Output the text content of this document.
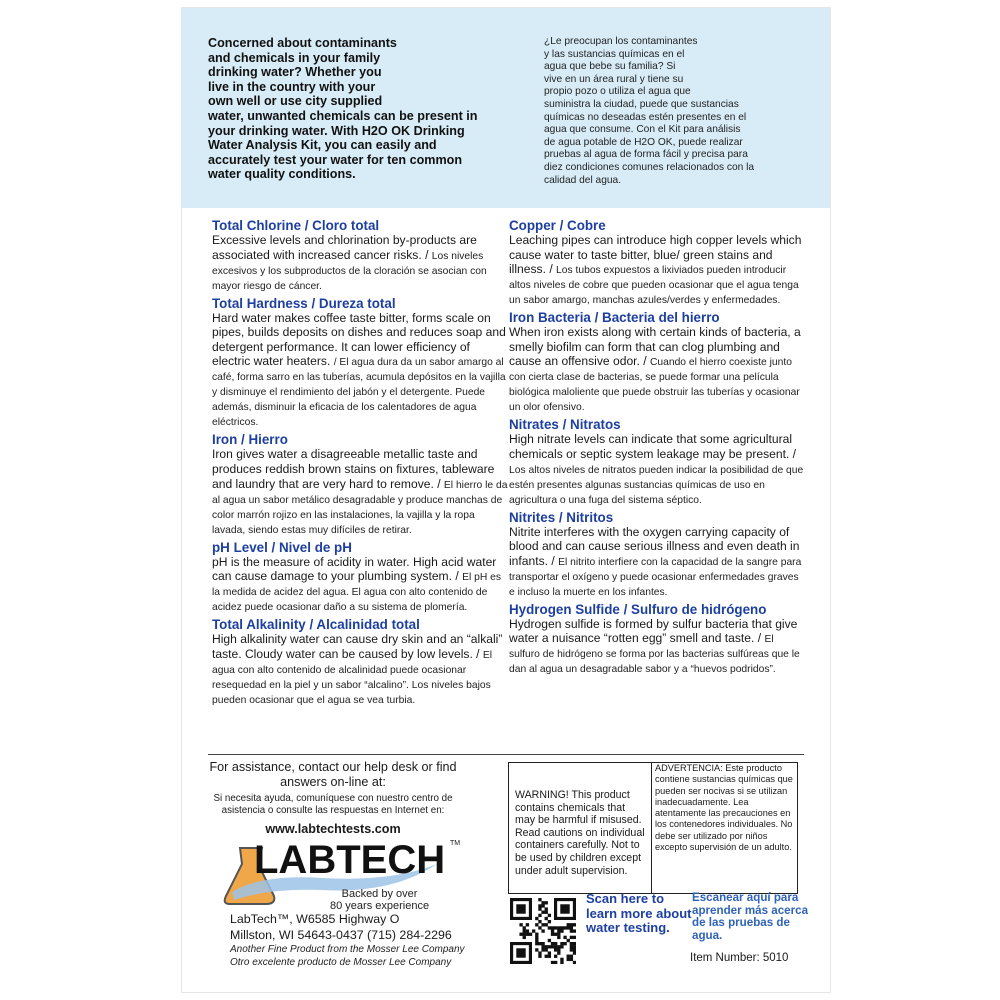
Concerned about contaminants
and chemicals in your family
drinking water? Whether you
live in the country with your
own well or use city supplied
water, unwanted chemicals can be present in
your drinking water. With H2O OK Drinking
Water Analysis Kit, you can easily and
accurately test your water for ten common
water quality conditions.
¿Le preocupan los contaminantes
y las sustancias químicas en el
agua que bebe su familia? Si
vive en un área rural y tiene su
propio pozo o utiliza el agua que
suministra la ciudad, puede que sustancias
químicas no deseadas estén presentes en el
agua que consume. Con el Kit para análisis
de agua potable de H2O OK, puede realizar
pruebas al agua de forma fácil y precisa para
diez condiciones comunes relacionados con la
calidad del agua.
Total Chlorine / Cloro total

Excessive levels and chlorination by-products are associated with increased cancer risks. / Los niveles excesivos y los subproductos de la cloración se asocian con mayor riesgo de cáncer.

Total Hardness / Dureza total

Hard water makes coffee taste bitter, forms scale on pipes, builds deposits on dishes and reduces soap and detergent performance. It can lower efficiency of electric water heaters. / El agua dura da un sabor amargo al café, forma sarro en las tuberías, acumula depósitos en la vajilla y disminuye el rendimiento del jabón y el detergente. Puede además, disminuir la eficacia de los calentadores de agua eléctricos.

Iron / Hierro

Iron gives water a disagreeable metallic taste and produces reddish brown stains on fixtures, tableware and laundry that are very hard to remove. / El hierro le da al agua un sabor metálico desagradable y produce manchas de color marrón rojizo en las instalaciones, la vajilla y la ropa lavada, siendo estas muy difíciles de retirar.

pH Level / Nivel de pH

pH is the measure of acidity in water. High acid water can cause damage to your plumbing system. / El pH es la medida de acidez del agua. El agua con alto contenido de acidez puede ocasionar daño a su sistema de plomería.

Total Alkalinity / Alcalinidad total

High alkalinity water can cause dry skin and an “alkali” taste. Cloudy water can be caused by low levels. / El agua con alto contenido de alcalinidad puede ocasionar resequedad en la piel y un sabor “alcalino”. Los niveles bajos pueden ocasionar que el agua se vea turbia.

Copper / Cobre

Leaching pipes can introduce high copper levels which cause water to taste bitter, blue/ green stains and illness. / Los tubos expuestos a lixiviados pueden introducir altos niveles de cobre que pueden ocasionar que el agua tenga un sabor amargo, manchas azules/verdes y enfermedades.

Iron Bacteria / Bacteria del hierro

When iron exists along with certain kinds of bacteria, a smelly biofilm can form that can clog plumbing and cause an offensive odor. / Cuando el hierro coexiste junto con cierta clase de bacterias, se puede formar una película biológica maloliente que puede obstruir las tuberías y ocasionar un olor ofensivo.

Nitrates / Nitratos

High nitrate levels can indicate that some agricultural chemicals or septic system leakage may be present. / Los altos niveles de nitratos pueden indicar la posibilidad de que estén presentes algunas sustancias químicas de uso en agricultura o una fuga del sistema séptico.

Nitrites / Nitritos

Nitrite interferes with the oxygen carrying capacity of blood and can cause serious illness and even death in infants. / El nitrito interfiere con la capacidad de la sangre para transportar el oxígeno y puede ocasionar enfermedades graves e incluso la muerte en los infantes.

Hydrogen Sulfide / Sulfuro de hidrógeno

Hydrogen sulfide is formed by sulfur bacteria that give water a nuisance “rotten egg” smell and taste. / El sulfuro de hidrógeno se forma por las bacterias sulfúreas que le dan al agua un desagradable sabor y a “huevos podridos”.

For assistance, contact our help desk or find answers on-line at:
Si necesita ayuda, comuníquese con nuestro centro de asistencia o consulte las respuestas en Internet en:
www.labtechtests.com
LABTECH TM
Backed by over
80 years experience
LabTech™, W6585 Highway O
Millston, WI 54643-0437 (715) 284-2296
Another Fine Product from the Mosser Lee Company
Otro excelente producto de Mosser Lee Company
WARNING! This product contains chemicals that may be harmful if misused. Read cautions on individual containers carefully. Not to be used by children except under adult supervision.
ADVERTENCIA: Este producto contiene sustancias químicas que pueden ser nocivas si se utilizan inadecuadamente. Lea atentamente las precauciones en los contenedores individuales. No debe ser utilizado por niños excepto supervisión de un adulto.
Scan here to learn more about water testing.
Escanear aquí para aprender más acerca de las pruebas de agua.
Item Number: 5010
